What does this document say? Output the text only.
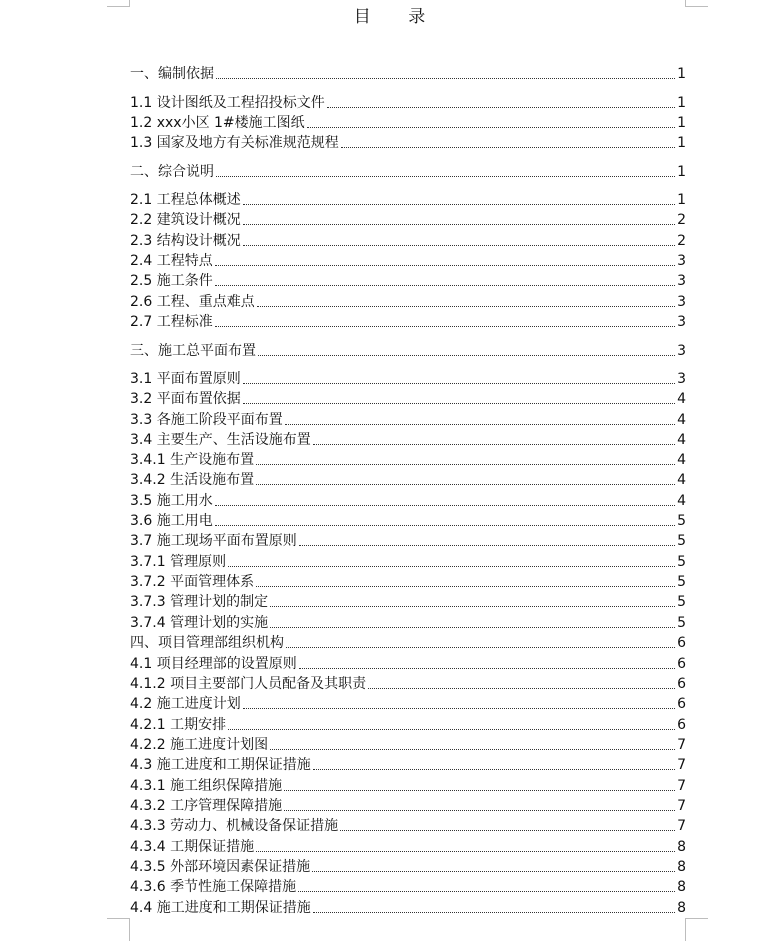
目 录
一、编制依据	1
1.1 设计图纸及工程招投标文件	1
1.2 xxx小区 1#楼施工图纸	1
1.3 国家及地方有关标准规范规程	1
二、综合说明	1
2.1 工程总体概述	1
2.2 建筑设计概况	2
2.3 结构设计概况	2
2.4 工程特点	3
2.5 施工条件	3
2.6 工程、重点难点	3
2.7 工程标准	3
三、施工总平面布置	3
3.1 平面布置原则	3
3.2 平面布置依据	4
3.3 各施工阶段平面布置	4
3.4 主要生产、生活设施布置	4
3.4.1 生产设施布置	4
3.4.2 生活设施布置	4
3.5 施工用水	4
3.6 施工用电	5
3.7 施工现场平面布置原则	5
3.7.1 管理原则	5
3.7.2 平面管理体系	5
3.7.3 管理计划的制定	5
3.7.4 管理计划的实施	5
四、项目管理部组织机构	6
4.1 项目经理部的设置原则	6
4.1.2 项目主要部门人员配备及其职责	6
4.2 施工进度计划	6
4.2.1 工期安排	6
4.2.2 施工进度计划图	7
4.3 施工进度和工期保证措施	7
4.3.1 施工组织保障措施	7
4.3.2 工序管理保障措施	7
4.3.3 劳动力、机械设备保证措施	7
4.3.4 工期保证措施	8
4.3.5 外部环境因素保证措施	8
4.3.6 季节性施工保障措施	8
4.4 施工进度和工期保证措施	8
